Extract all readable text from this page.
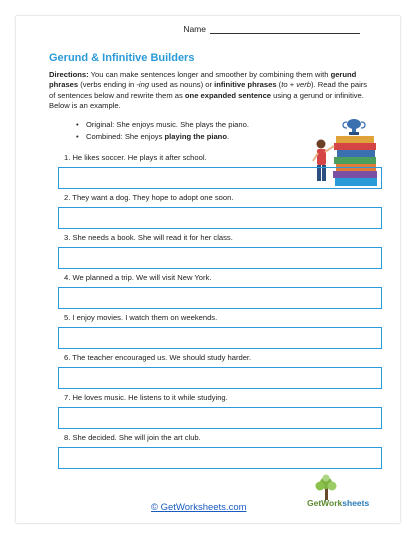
Name
Gerund & Infinitive Builders
Directions: You can make sentences longer and smoother by combining them with gerund phrases (verbs ending in -ing used as nouns) or infinitive phrases (to + verb). Read the pairs of sentences below and rewrite them as one expanded sentence using a gerund or infinitive. Below is an example.
• Original: She enjoys music. She plays the piano.
• Combined: She enjoys playing the piano.
1. He likes soccer. He plays it after school.
2. They want a dog. They hope to adopt one soon.
3. She needs a book. She will read it for her class.
4. We planned a trip. We will visit New York.
5. I enjoy movies. I watch them on weekends.
6. The teacher encouraged us. We should study harder.
7. He loves music. He listens to it while studying.
8. She decided. She will join the art club.
© GetWorksheets.com	GetWorksheets
